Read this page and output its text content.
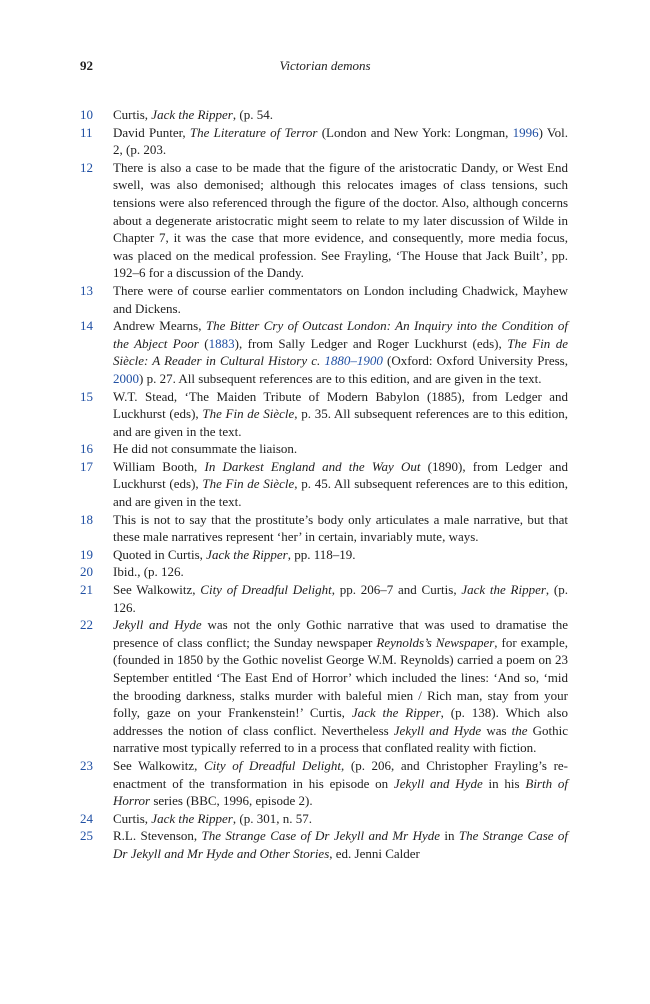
92	Victorian demons
10 Curtis, Jack the Ripper, (p. 54.
11 David Punter, The Literature of Terror (London and New York: Longman, 1996) Vol. 2, (p. 203.
12 There is also a case to be made that the figure of the aristocratic Dandy, or West End swell, was also demonised; although this relocates images of class tensions, such tensions were also referenced through the figure of the doctor. Also, although concerns about a degenerate aristocratic might seem to relate to my later discussion of Wilde in Chapter 7, it was the case that more evidence, and consequently, more media focus, was placed on the medical profession. See Frayling, ‘The House that Jack Built’, pp. 192–6 for a discussion of the Dandy.
13 There were of course earlier commentators on London including Chadwick, Mayhew and Dickens.
14 Andrew Mearns, The Bitter Cry of Outcast London: An Inquiry into the Condition of the Abject Poor (1883), from Sally Ledger and Roger Luckhurst (eds), The Fin de Siècle: A Reader in Cultural History c. 1880–1900 (Oxford: Oxford University Press, 2000) p. 27. All subsequent references are to this edition, and are given in the text.
15 W.T. Stead, ‘The Maiden Tribute of Modern Babylon (1885), from Ledger and Luckhurst (eds), The Fin de Siècle, p. 35. All subsequent references are to this edition, and are given in the text.
16 He did not consummate the liaison.
17 William Booth, In Darkest England and the Way Out (1890), from Ledger and Luckhurst (eds), The Fin de Siècle, p. 45. All subsequent references are to this edition, and are given in the text.
18 This is not to say that the prostitute’s body only articulates a male narrative, but that these male narratives represent ‘her’ in certain, invariably mute, ways.
19 Quoted in Curtis, Jack the Ripper, pp. 118–19.
20 Ibid., (p. 126.
21 See Walkowitz, City of Dreadful Delight, pp. 206–7 and Curtis, Jack the Ripper, (p. 126.
22 Jekyll and Hyde was not the only Gothic narrative that was used to dramatise the presence of class conflict; the Sunday newspaper Reynolds’s Newspaper, for example, (founded in 1850 by the Gothic novelist George W.M. Reynolds) carried a poem on 23 September entitled ‘The East End of Horror’ which included the lines: ‘And so, ‘mid the brooding darkness, stalks murder with baleful mien / Rich man, stay from your folly, gaze on your Frankenstein!’ Curtis, Jack the Ripper, (p. 138). Which also addresses the notion of class conflict. Nevertheless Jekyll and Hyde was the Gothic narrative most typically referred to in a process that conflated reality with fiction.
23 See Walkowitz, City of Dreadful Delight, (p. 206, and Christopher Frayling’s re-enactment of the transformation in his episode on Jekyll and Hyde in his Birth of Horror series (BBC, 1996, episode 2).
24 Curtis, Jack the Ripper, (p. 301, n. 57.
25 R.L. Stevenson, The Strange Case of Dr Jekyll and Mr Hyde in The Strange Case of Dr Jekyll and Mr Hyde and Other Stories, ed. Jenni Calder
